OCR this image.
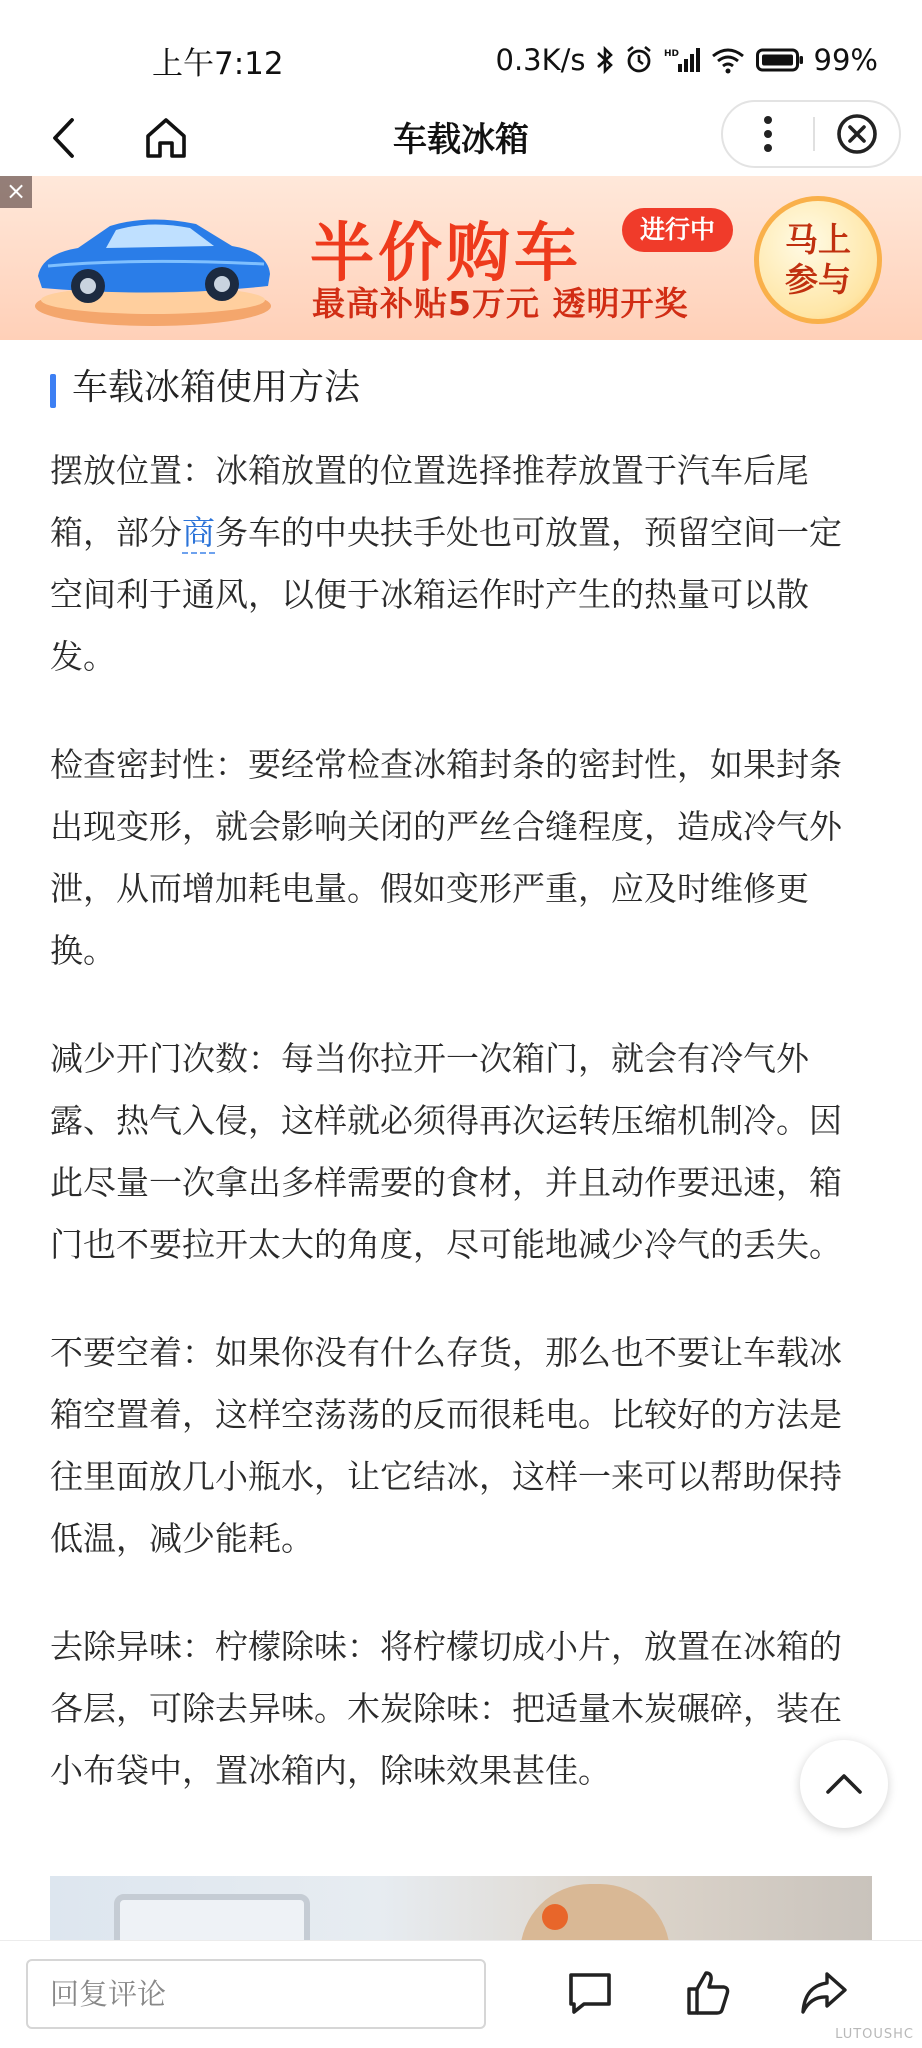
上午7:12	0.3K/s	HD	99%
车载冰箱
×
半价购车	进行中
最高补贴5万元 透明开奖
马上
参与
车载冰箱使用方法

摆放位置：冰箱放置的位置选择推荐放置于汽车后尾箱，部分商务车的中央扶手处也可放置，预留空间一定空间利于通风，以便于冰箱运作时产生的热量可以散发。

检查密封性：要经常检查冰箱封条的密封性，如果封条出现变形，就会影响关闭的严丝合缝程度，造成冷气外泄，从而增加耗电量。假如变形严重，应及时维修更换。

减少开门次数：每当你拉开一次箱门，就会有冷气外露、热气入侵，这样就必须得再次运转压缩机制冷。因此尽量一次拿出多样需要的食材，并且动作要迅速，箱门也不要拉开太大的角度，尽可能地减少冷气的丢失。

不要空着：如果你没有什么存货，那么也不要让车载冰箱空置着，这样空荡荡的反而很耗电。比较好的方法是往里面放几小瓶水，让它结冰，这样一来可以帮助保持低温，减少能耗。

去除异味：柠檬除味：将柠檬切成小片，放置在冰箱的各层，可除去异味。木炭除味：把适量木炭碾碎，装在小布袋中，置冰箱内，除味效果甚佳。

回复评论
LUTOUSHC
